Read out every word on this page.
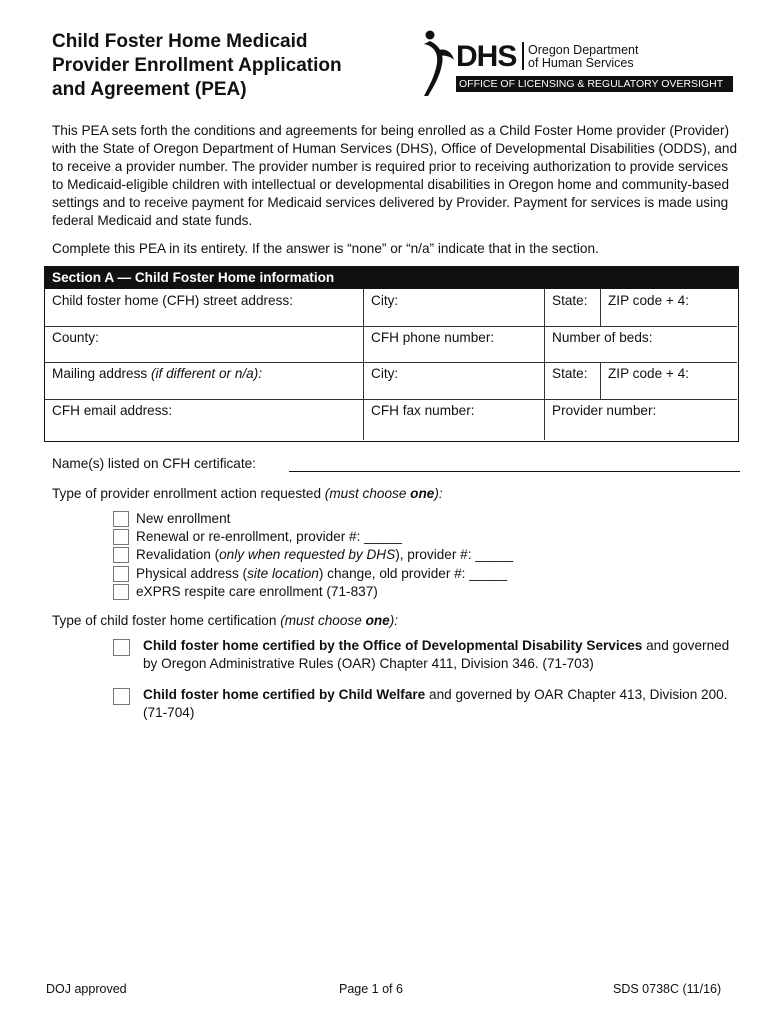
Child Foster Home Medicaid
Provider Enrollment Application
and Agreement (PEA)
DHS Oregon Department
of Human Services
OFFICE OF LICENSING & REGULATORY OVERSIGHT
This PEA sets forth the conditions and agreements for being enrolled as a Child Foster Home provider (Provider) with the State of Oregon Department of Human Services (DHS), Office of Developmental Disabilities (ODDS), and to receive a provider number. The provider number is required prior to receiving authorization to provide services to Medicaid-eligible children with intellectual or developmental disabilities in Oregon home and community-based settings and to receive payment for Medicaid services delivered by Provider. Payment for services is made using federal Medicaid and state funds.
Complete this PEA in its entirety. If the answer is “none” or “n/a” indicate that in the section.
Section A — Child Foster Home information
Child foster home (CFH) street address:	City:	State:	ZIP code + 4:
County:	CFH phone number:	Number of beds:
Mailing address (if different or n/a):	City:	State:	ZIP code + 4:
CFH email address:	CFH fax number:	Provider number:
Name(s) listed on CFH certificate:
Type of provider enrollment action requested (must choose one):
New enrollment
Renewal or re-enrollment, provider #: _____
Revalidation (only when requested by DHS), provider #: _____
Physical address (site location) change, old provider #: _____
eXPRS respite care enrollment (71-837)
Type of child foster home certification (must choose one):
Child foster home certified by the Office of Developmental Disability Services and governed by Oregon Administrative Rules (OAR) Chapter 411, Division 346. (71-703)
Child foster home certified by Child Welfare and governed by OAR Chapter 413, Division 200. (71-704)
DOJ approved	Page 1 of 6	SDS 0738C (11/16)
